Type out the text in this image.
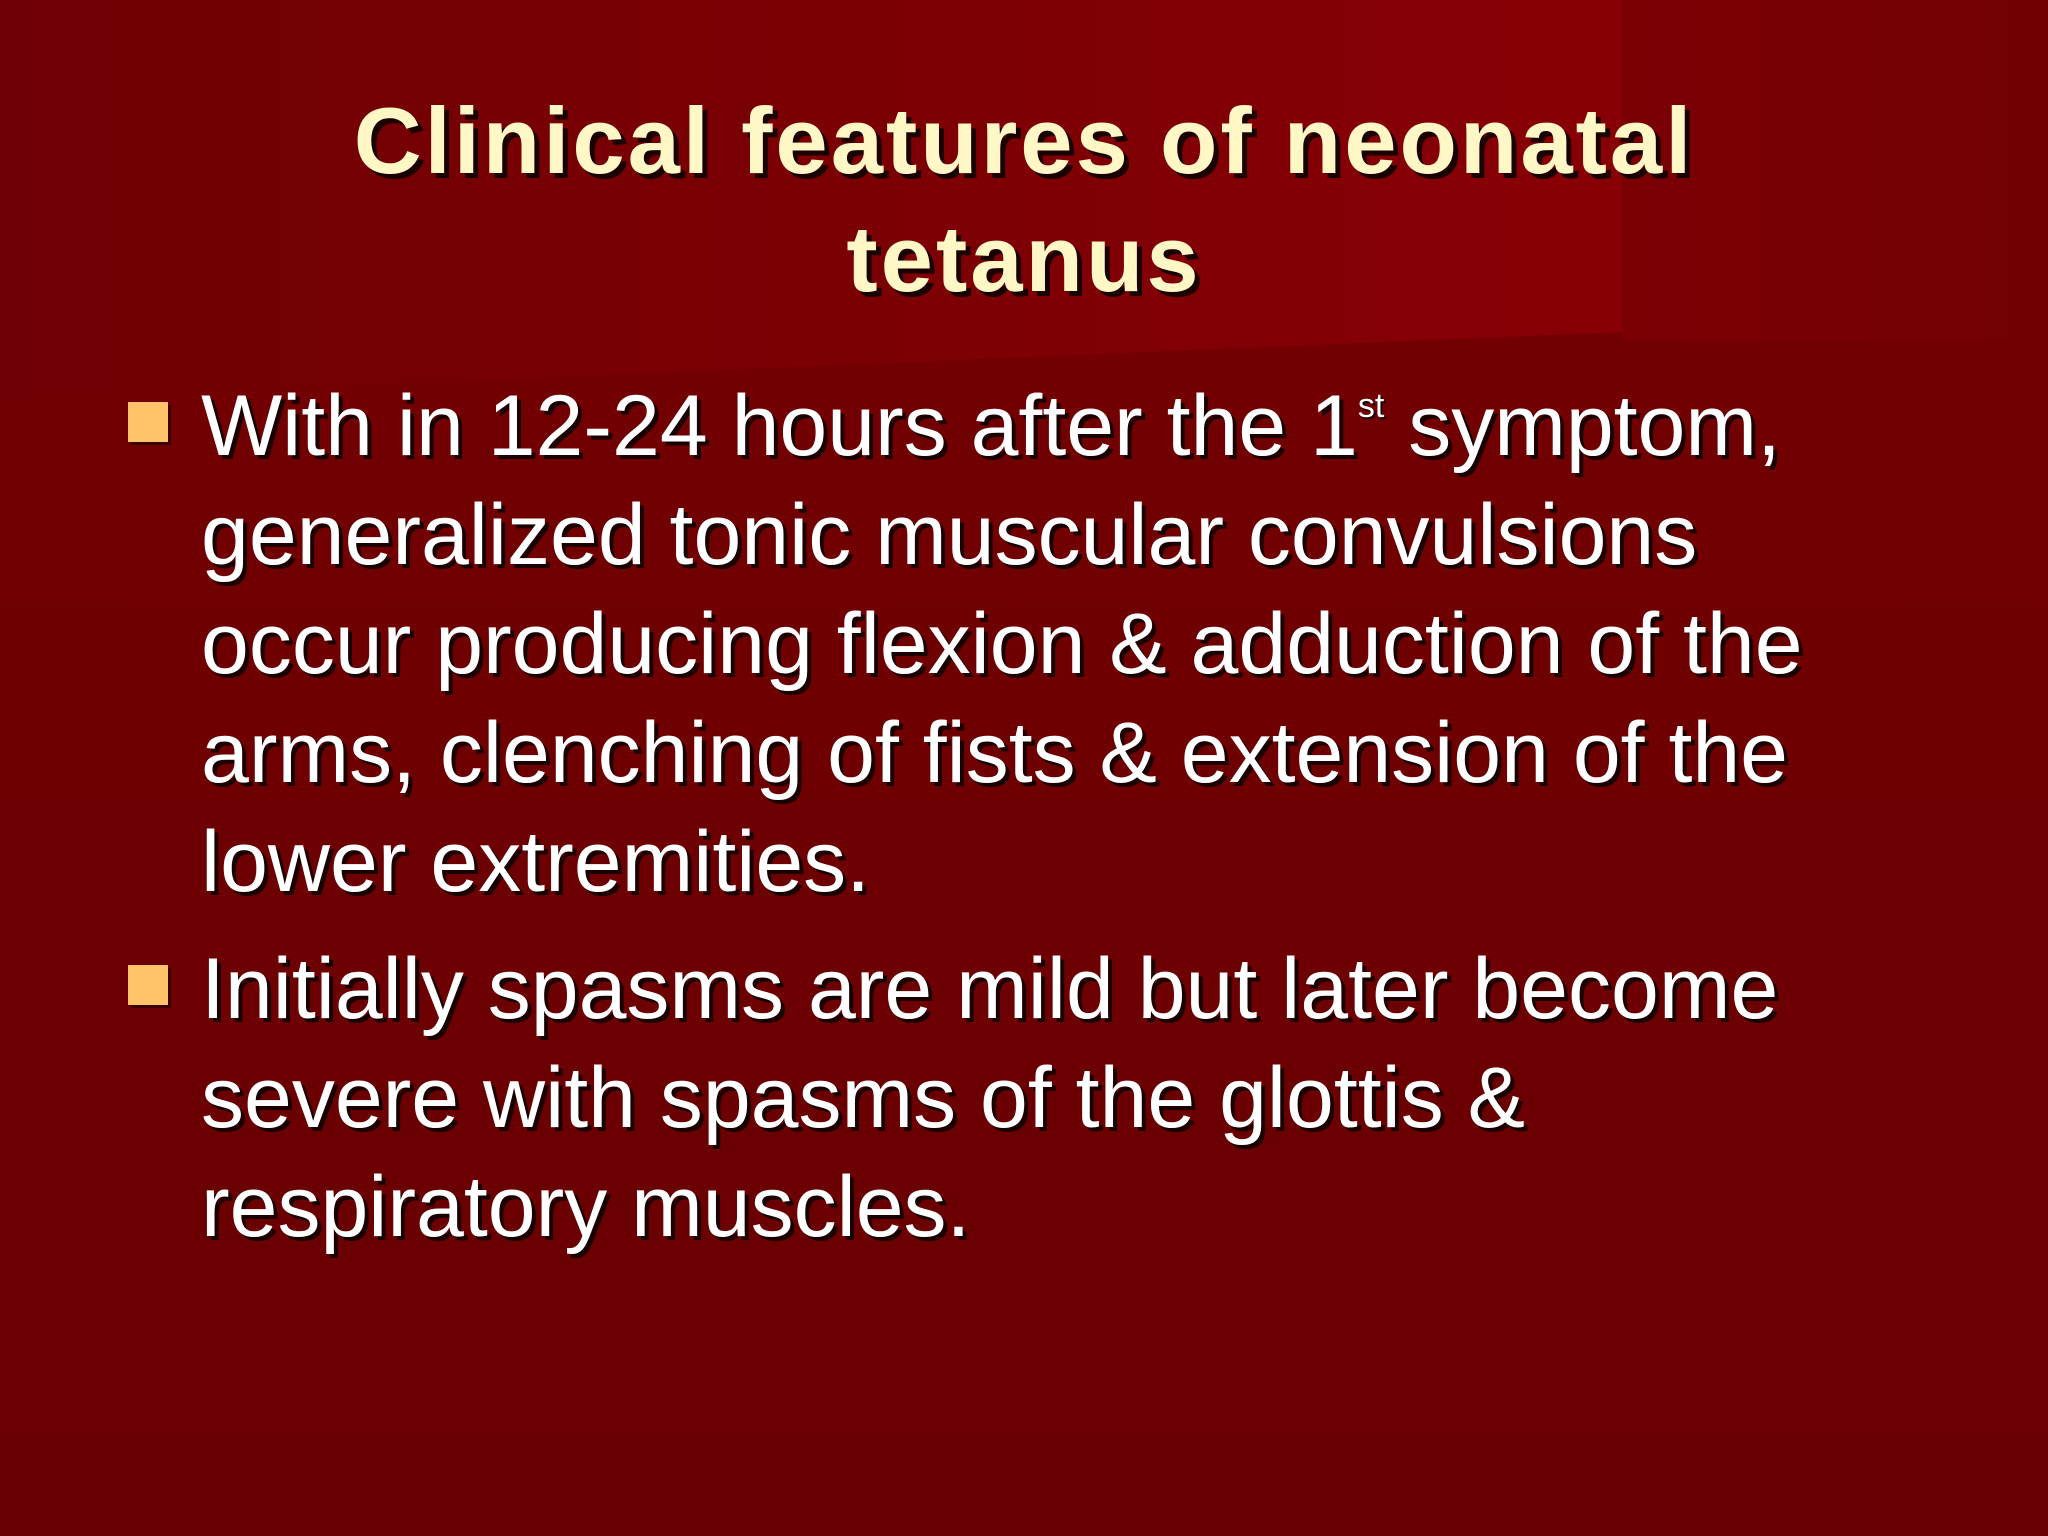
Clinical features of neonatal
tetanus
With in 12-24 hours after the 1st symptom,
generalized tonic muscular convulsions
occur producing flexion & adduction of the
arms, clenching of fists & extension of the
lower extremities.
Initially spasms are mild but later become
severe with spasms of the glottis &
respiratory muscles.
